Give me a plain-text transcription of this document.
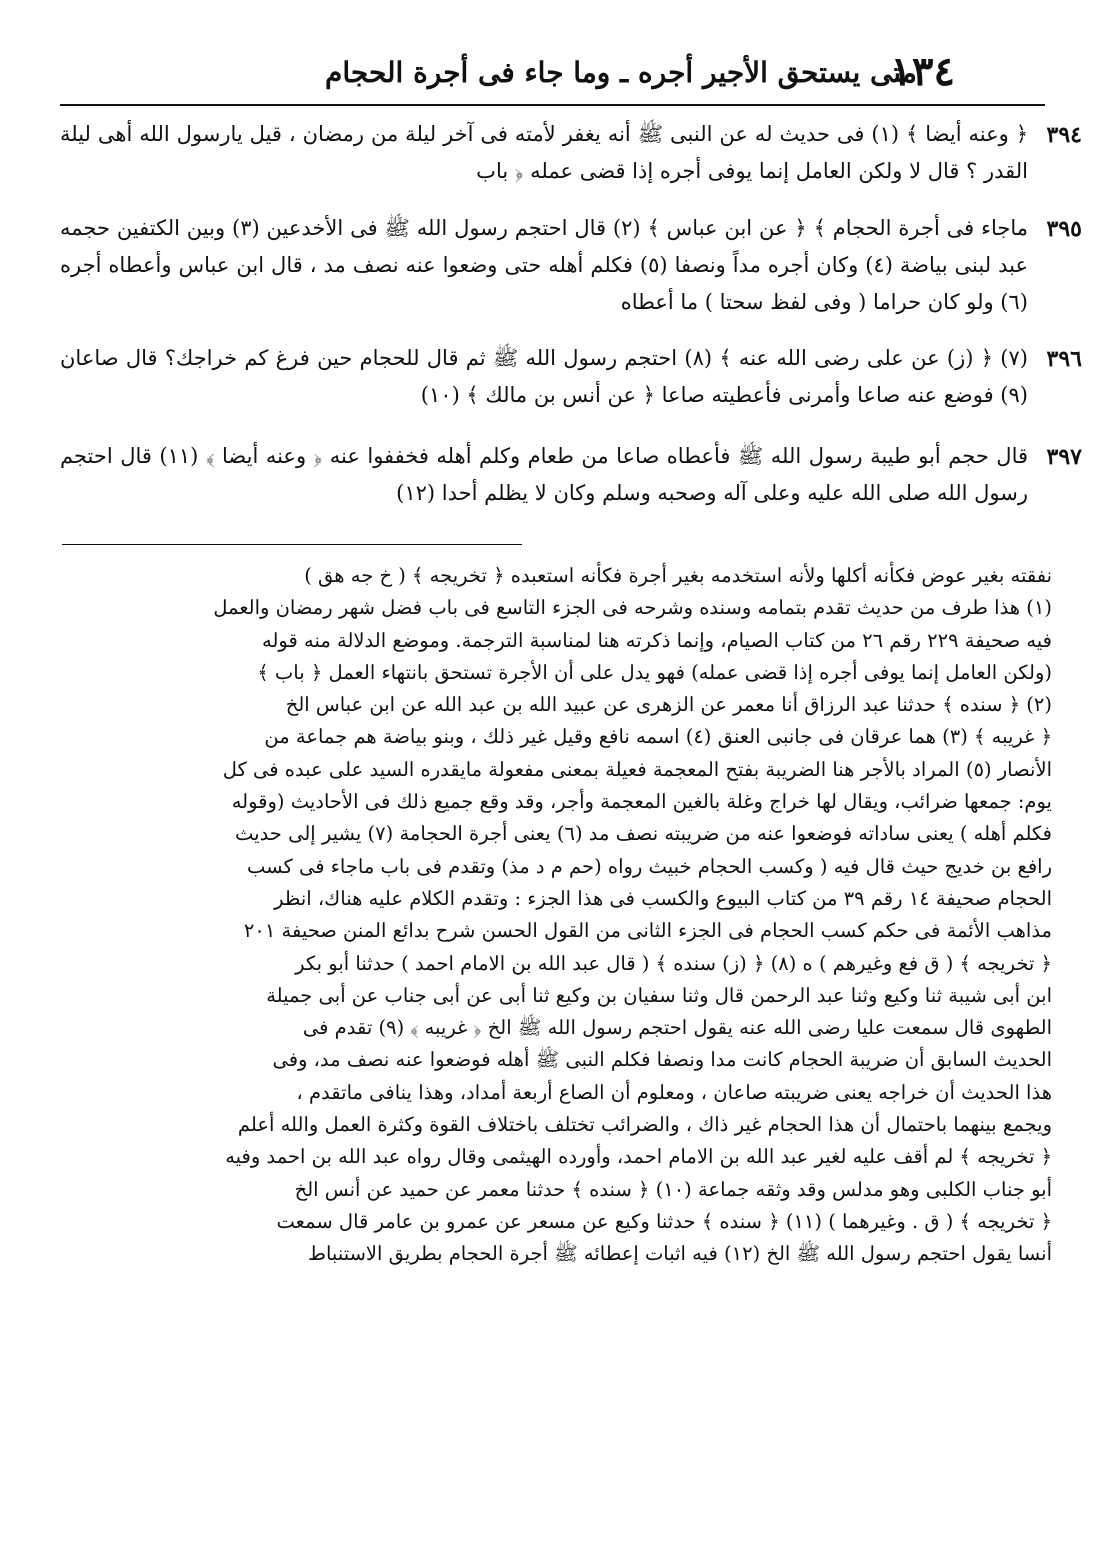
١٣٤
متى يستحق الأجير أجره ـ وما جاء فى أجرة الحجام
٣٩٤
﴿ وعنه أيضا ﴾ (١) فى حديث له عن النبى ﷺ أنه يغفر لأمته فى آخر ليلة من رمضان ، قيل يارسول الله أهى ليلة القدر ؟ قال لا ولكن العامل إنما يوفى أجره إذا قضى عمله ﴿ باب
٣٩٥
ماجاء فى أجرة الحجام ﴾ ﴿ عن ابن عباس ﴾ (٢) قال احتجم رسول الله ﷺ فى الأخدعين (٣) وبين الكتفين حجمه عبد لبنى بياضة (٤) وكان أجره مداً ونصفا (٥) فكلم أهله حتى وضعوا عنه نصف مد ، قال ابن عباس وأعطاه أجره (٦) ولو كان حراما ( وفى لفظ سحتا ) ما أعطاه
٣٩٦
(٧) ﴿ (ز) عن على رضى الله عنه ﴾ (٨) احتجم رسول الله ﷺ ثم قال للحجام حين فرغ كم خراجك؟ قال صاعان (٩) فوضع عنه صاعا وأمرنى فأعطيته صاعا ﴿ عن أنس بن مالك ﴾ (١٠)
٣٩٧
قال حجم أبو طيبة رسول الله ﷺ فأعطاه صاعا من طعام وكلم أهله فخففوا عنه ﴿ وعنه أيضا ﴾ (١١) قال احتجم رسول الله صلى الله عليه وعلى آله وصحبه وسلم وكان لا يظلم أحدا (١٢)
نفقته بغير عوض فكأنه أكلها ولأنه استخدمه بغير أجرة فكأنه استعبده ﴿ تخريجه ﴾ ( خ جه هق )
(١) هذا طرف من حديث تقدم بتمامه وسنده وشرحه فى الجزء التاسع فى باب فضل شهر رمضان والعمل
فيه صحيفة ٢٢٩ رقم ٢٦ من كتاب الصيام، وإنما ذكرته هنا لمناسبة الترجمة. وموضع الدلالة منه قوله
(ولكن العامل إنما يوفى أجره إذا قضى عمله) فهو يدل على أن الأجرة تستحق بانتهاء العمل ﴿ باب ﴾
(٢) ﴿ سنده ﴾ حدثنا عبد الرزاق أنا معمر عن الزهرى عن عبيد الله بن عبد الله عن ابن عباس الخ
﴿ غريبه ﴾ (٣) هما عرقان فى جانبى العنق (٤) اسمه نافع وقيل غير ذلك ، وبنو بياضة هم جماعة من
الأنصار (٥) المراد بالأجر هنا الضريبة بفتح المعجمة فعيلة بمعنى مفعولة مايقدره السيد على عبده فى كل
يوم: جمعها ضرائب، ويقال لها خراج وغلة بالغين المعجمة وأجر، وقد وقع جميع ذلك فى الأحاديث (وقوله
فكلم أهله ) يعنى ساداته فوضعوا عنه من ضريبته نصف مد (٦) يعنى أجرة الحجامة (٧) يشير إلى حديث
رافع بن خديج حيث قال فيه ( وكسب الحجام خبيث رواه (حم م د مذ) وتقدم فى باب ماجاء فى كسب
الحجام صحيفة ١٤ رقم ٣٩ من كتاب البيوع والكسب فى هذا الجزء : وتقدم الكلام عليه هناك، انظر
مذاهب الأئمة فى حكم كسب الحجام فى الجزء الثانى من القول الحسن شرح بدائع المنن صحيفة ٢٠١
﴿ تخريجه ﴾ ( ق فع وغيرهم ) ه (٨) ﴿ (ز) سنده ﴾ ( قال عبد الله بن الامام احمد ) حدثنا أبو بكر
ابن أبى شيبة ثنا وكيع وثنا عبد الرحمن قال وثنا سفيان بن وكيع ثنا أبى عن أبى جناب عن أبى جميلة
الطهوى قال سمعت عليا رضى الله عنه يقول احتجم رسول الله ﷺ الخ ﴿ غريبه ﴾ (٩) تقدم فى
الحديث السابق أن ضريبة الحجام كانت مدا ونصفا فكلم النبى ﷺ أهله فوضعوا عنه نصف مد، وفى
هذا الحديث أن خراجه يعنى ضريبته صاعان ، ومعلوم أن الصاع أربعة أمداد، وهذا ينافى ماتقدم ،
ويجمع بينهما باحتمال أن هذا الحجام غير ذاك ، والضرائب تختلف باختلاف القوة وكثرة العمل والله أعلم
﴿ تخريجه ﴾ لم أقف عليه لغير عبد الله بن الامام احمد، وأورده الهيثمى وقال رواه عبد الله بن احمد وفيه
أبو جناب الكلبى وهو مدلس وقد وثقه جماعة (١٠) ﴿ سنده ﴾ حدثنا معمر عن حميد عن أنس الخ
﴿ تخريجه ﴾ ( ق . وغيرهما ) (١١) ﴿ سنده ﴾ حدثنا وكيع عن مسعر عن عمرو بن عامر قال سمعت
أنسا يقول احتجم رسول الله ﷺ الخ (١٢) فيه اثبات إعطائه ﷺ أجرة الحجام بطريق الاستنباط
